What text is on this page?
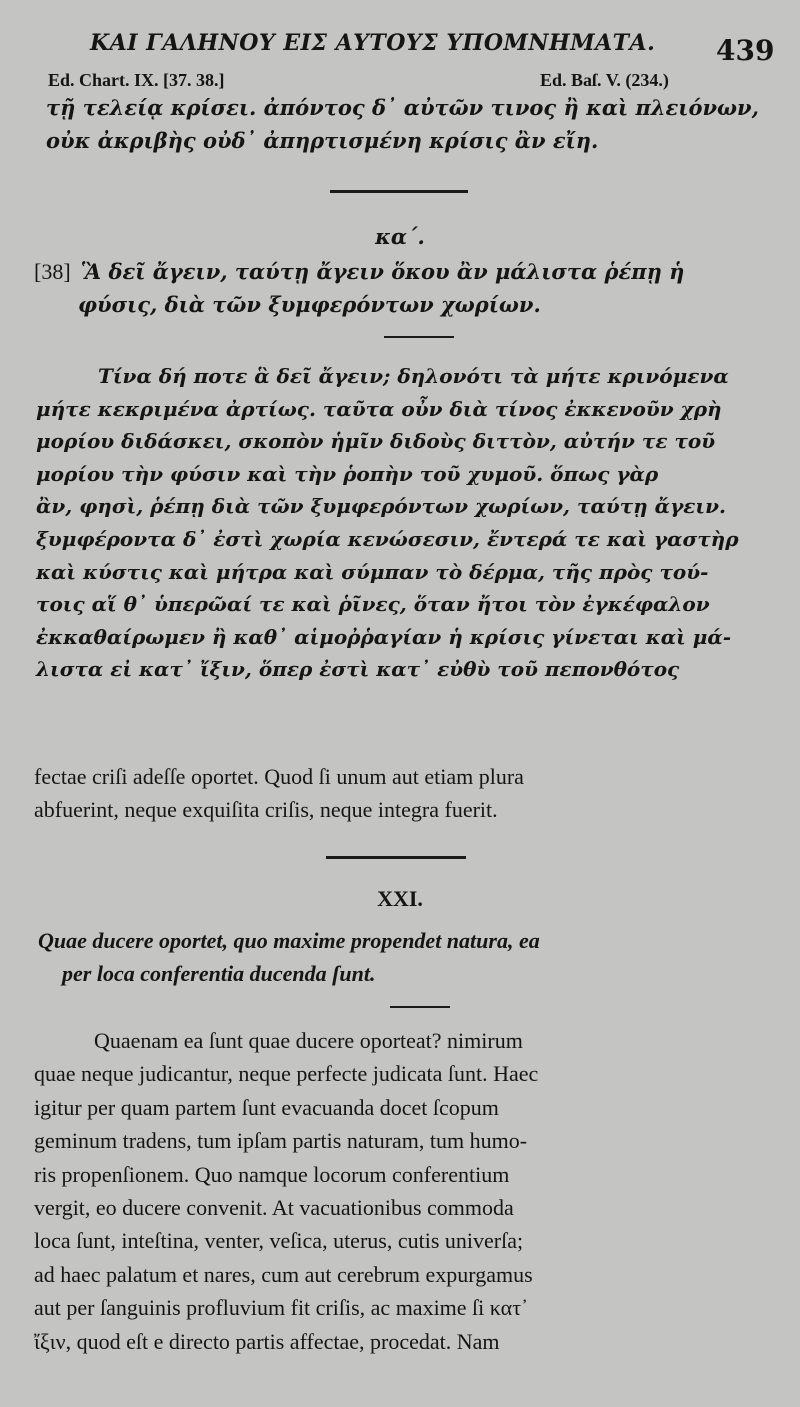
ΚΑΙ ΓΑΛΗΝΟΥ ΕΙΣ ΑΥΤΟΥΣ ΥΠΟΜΝΗΜΑΤΑ. 439
Ed. Chart. IX. [37. 38.]	Ed. Baſ. V. (234.)
τῇ τελείᾳ κρίσει. ἀπόντος δ᾽ αὐτῶν τινος ἢ καὶ πλειόνων,
οὐκ ἀκριβὴς οὐδ᾽ ἀπηρτισμένη κρίσις ἂν εἴη.
κα΄.
[38] Ἃ δεῖ ἄγειν, ταύτῃ ἄγειν ὅκου ἂν μάλιστα ῥέπῃ ἡ
φύσις, διὰ τῶν ξυμφερόντων χωρίων.
Τίνα δή ποτε ἃ δεῖ ἄγειν; δηλονότι τὰ μήτε κρινόμενα
μήτε κεκριμένα ἀρτίως. ταῦτα οὖν διὰ τίνος ἐκκενοῦν χρὴ
μορίου διδάσκει, σκοπὸν ἡμῖν διδοὺς διττὸν, αὐτήν τε τοῦ
μορίου τὴν φύσιν καὶ τὴν ῥοπὴν τοῦ χυμοῦ. ὅπως γὰρ
ἂν, φησὶ, ῥέπῃ διὰ τῶν ξυμφερόντων χωρίων, ταύτῃ ἄγειν.
ξυμφέροντα δ᾽ ἐστὶ χωρία κενώσεσιν, ἔντερά τε καὶ γαστὴρ
καὶ κύστις καὶ μήτρα καὶ σύμπαν τὸ δέρμα, τῆς πρὸς τού-
τοις αἵ θ᾽ ὑπερῶαί τε καὶ ῥῖνες, ὅταν ἤτοι τὸν ἐγκέφαλον
ἐκκαθαίρωμεν ἢ καθ᾽ αἱμοῤῥαγίαν ἡ κρίσις γίνεται καὶ μά-
λιστα εἰ κατ᾽ ἴξιν, ὅπερ ἐστὶ κατ᾽ εὐθὺ τοῦ πεπονθότος
fectae criſi adeſſe oportet. Quod ſi unum aut etiam plura
abfuerint, neque exquiſita criſis, neque integra fuerit.
XXI.
Quae ducere oportet, quo maxime propendet natura, ea
per loca conferentia ducenda ſunt.
Quaenam ea ſunt quae ducere oporteat? nimirum
quae neque judicantur, neque perfecte judicata ſunt. Haec
igitur per quam partem ſunt evacuanda docet ſcopum
geminum tradens, tum ipſam partis naturam, tum humo-
ris propenſionem. Quo namque locorum conferentium
vergit, eo ducere convenit. At vacuationibus commoda
loca ſunt, inteſtina, venter, veſica, uterus, cutis univerſa;
ad haec palatum et nares, cum aut cerebrum expurgamus
aut per ſanguinis profluvium fit criſis, ac maxime ſi κατ᾽
ἴξιν, quod eſt e directo partis affectae, procedat. Nam
